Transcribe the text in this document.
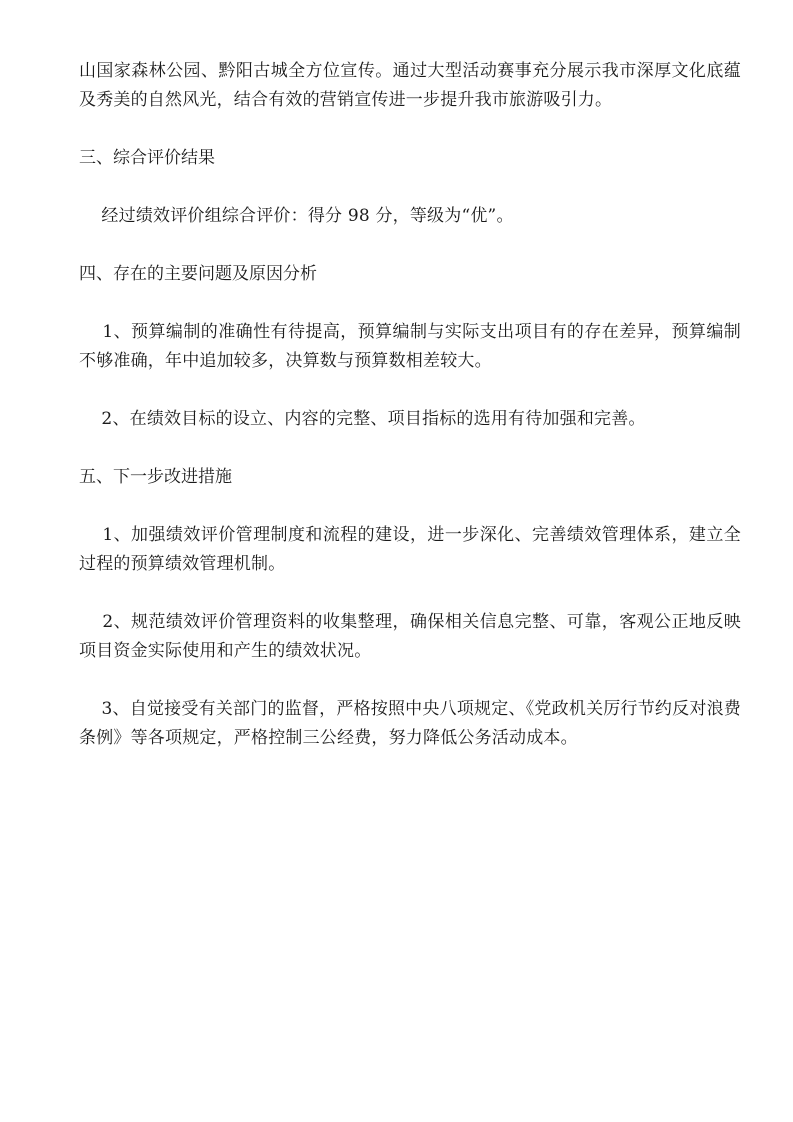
山国家森林公园、黔阳古城全方位宣传。通过大型活动赛事充分展示我市深厚文化底蕴及秀美的自然风光，结合有效的营销宣传进一步提升我市旅游吸引力。

三、综合评价结果

经过绩效评价组综合评价：得分 98 分，等级为“优”。

四、存在的主要问题及原因分析

1、预算编制的准确性有待提高，预算编制与实际支出项目有的存在差异，预算编制不够准确，年中追加较多，决算数与预算数相差较大。

2、在绩效目标的设立、内容的完整、项目指标的选用有待加强和完善。

五、下一步改进措施

1、加强绩效评价管理制度和流程的建设，进一步深化、完善绩效管理体系，建立全过程的预算绩效管理机制。

2、规范绩效评价管理资料的收集整理，确保相关信息完整、可靠，客观公正地反映项目资金实际使用和产生的绩效状况。

3、自觉接受有关部门的监督，严格按照中央八项规定、《党政机关厉行节约反对浪费条例》等各项规定，严格控制三公经费，努力降低公务活动成本。
